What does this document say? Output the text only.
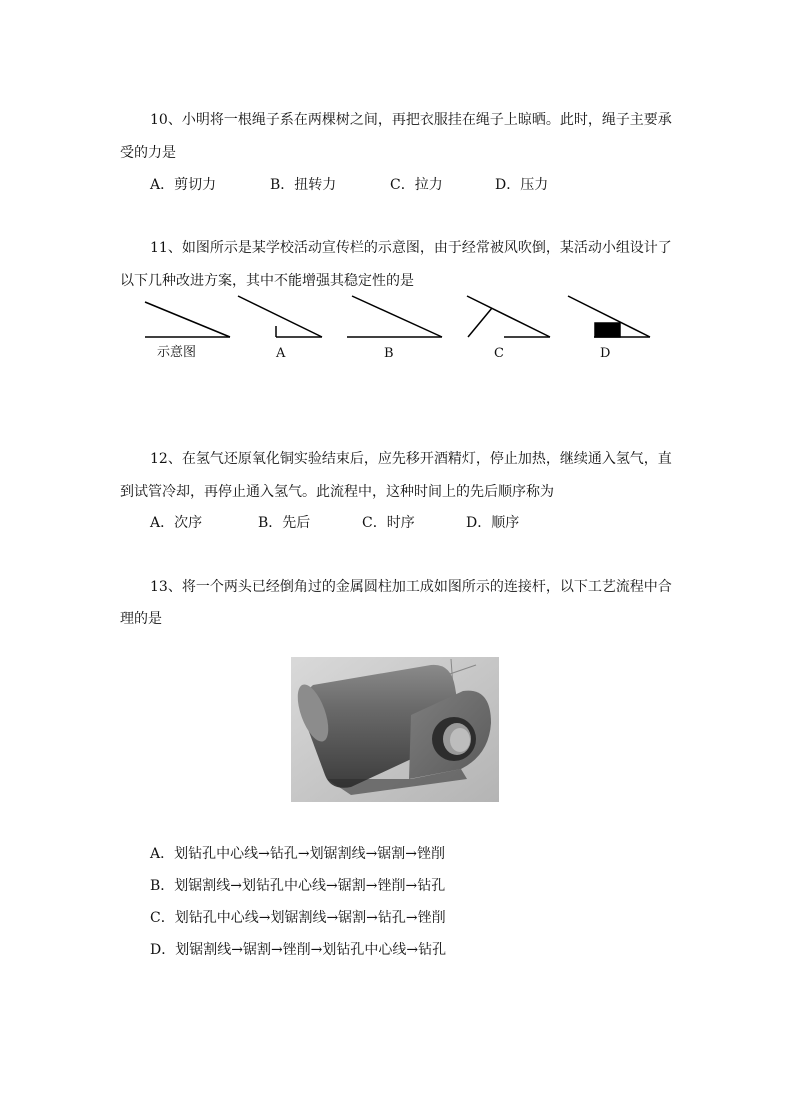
10、小明将一根绳子系在两棵树之间，再把衣服挂在绳子上晾晒。此时，绳子主要承
受的力是
A．剪切力	B．扭转力	C．拉力	D．压力
11、如图所示是某学校活动宣传栏的示意图，由于经常被风吹倒，某活动小组设计了
以下几种改进方案，其中不能增强其稳定性的是
示意图	A	B	C	D
12、在氢气还原氧化铜实验结束后，应先移开酒精灯，停止加热，继续通入氢气，直
到试管冷却，再停止通入氢气。此流程中，这种时间上的先后顺序称为
A．次序	B．先后	C．时序	D．顺序
13、将一个两头已经倒角过的金属圆柱加工成如图所示的连接杆，以下工艺流程中合
理的是
A．划钻孔中心线→钻孔→划锯割线→锯割→锉削
B．划锯割线→划钻孔中心线→锯割→锉削→钻孔
C．划钻孔中心线→划锯割线→锯割→钻孔→锉削
D．划锯割线→锯割→锉削→划钻孔中心线→钻孔
